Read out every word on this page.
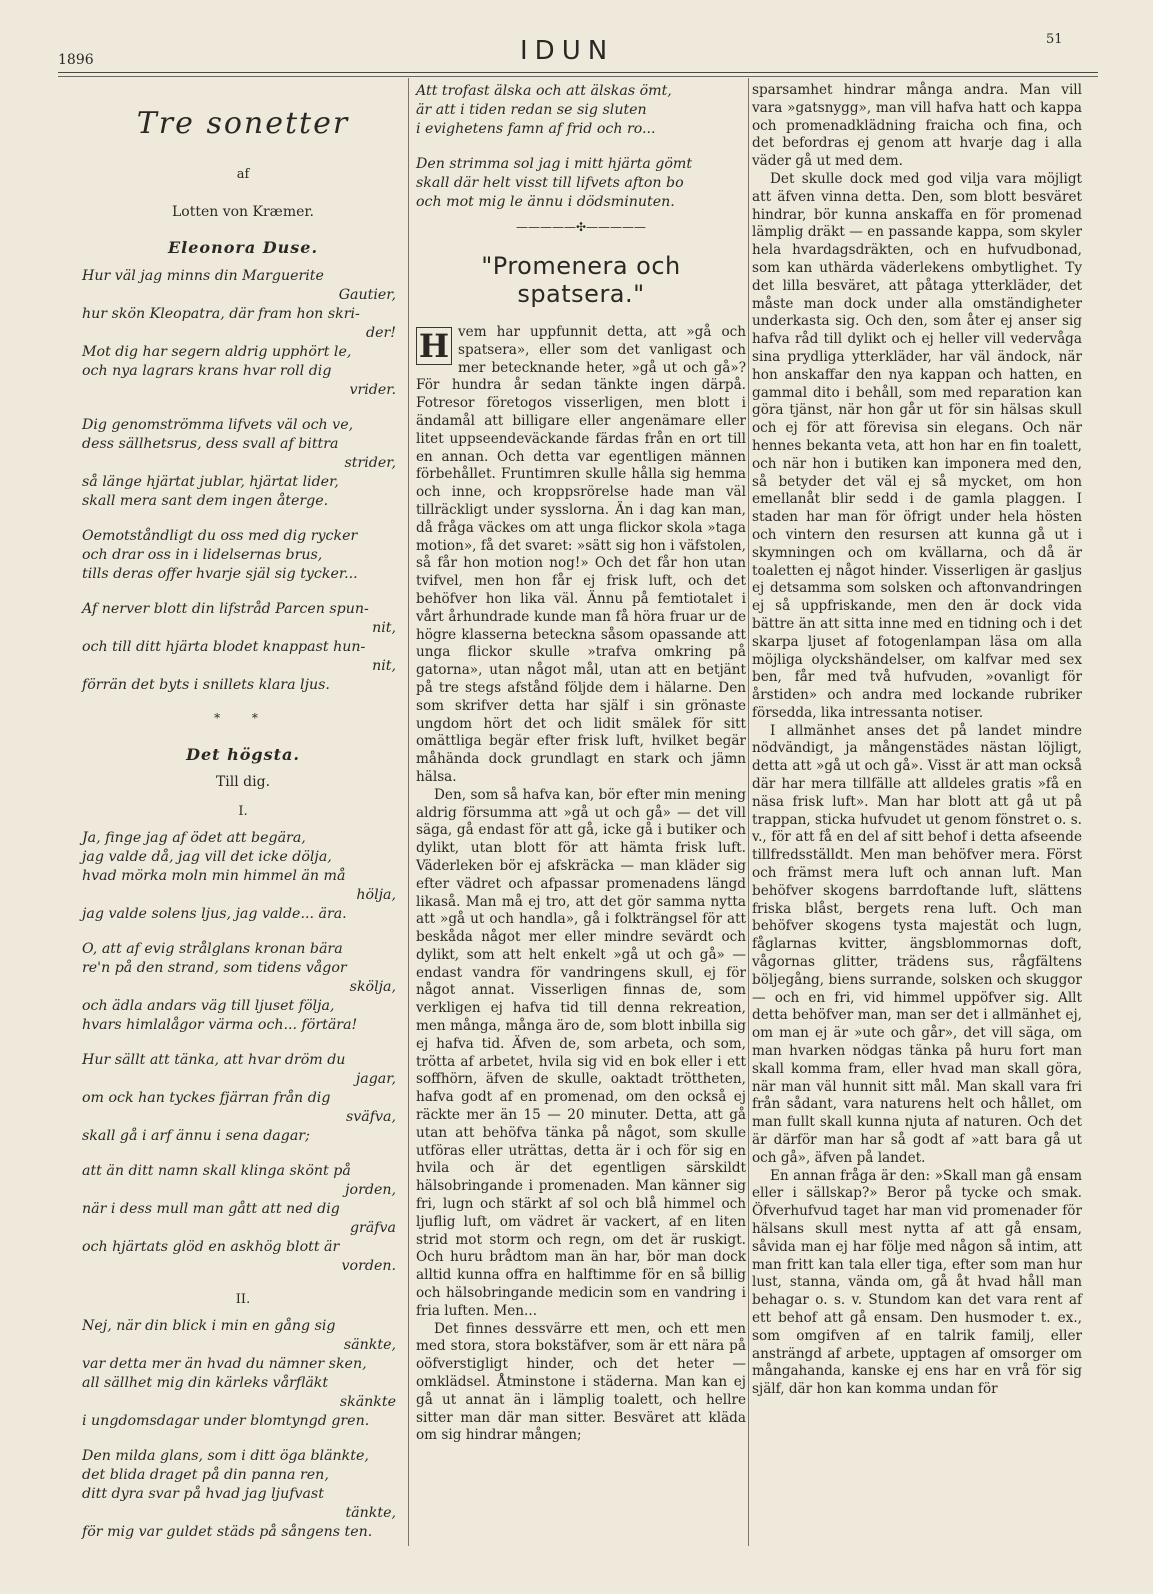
1896	IDUN	51
Tre sonetter
af
Lotten von Kræmer.
Eleonora Duse.
Hur väl jag minns din Marguerite
Gautier,
hur skön Kleopatra, där fram hon skri-
der!
Mot dig har segern aldrig upphört le,
och nya lagrars krans hvar roll dig
vrider.
Dig genomströmma lifvets väl och ve,
dess sällhetsrus, dess svall af bittra
strider,
så länge hjärtat jublar, hjärtat lider,
skall mera sant dem ingen återge.
Oemotståndligt du oss med dig rycker
och drar oss in i lidelsernas brus,
tills deras offer hvarje själ sig tycker...
Af nerver blott din lifstråd Parcen spun-
nit,
och till ditt hjärta blodet knappast hun-
nit,
förrän det byts i snillets klara ljus.
* *
Det högsta.
Till dig.
I.
Ja, finge jag af ödet att begära,
jag valde då, jag vill det icke dölja,
hvad mörka moln min himmel än må
hölja,
jag valde solens ljus, jag valde... ära.
O, att af evig strålglans kronan bära
re'n på den strand, som tidens vågor
skölja,
och ädla andars väg till ljuset följa,
hvars himlalågor värma och... förtära!
Hur sällt att tänka, att hvar dröm du
jagar,
om ock han tyckes fjärran från dig
sväfva,
skall gå i arf ännu i sena dagar;
att än ditt namn skall klinga skönt på
jorden,
när i dess mull man gått att ned dig
gräfva
och hjärtats glöd en askhög blott är
vorden.
II.
Nej, när din blick i min en gång sig
sänkte,
var detta mer än hvad du nämner sken,
all sällhet mig din kärleks vårfläkt
skänkte
i ungdomsdagar under blomtyngd gren.
Den milda glans, som i ditt öga blänkte,
det blida draget på din panna ren,
ditt dyra svar på hvad jag ljufvast
tänkte,
för mig var guldet städs på sångens ten.
Att trofast älska och att älskas ömt,
är att i tiden redan se sig sluten
i evighetens famn af frid och ro...
Den strimma sol jag i mitt hjärta gömt
skall där helt visst till lifvets afton bo
och mot mig le ännu i dödsminuten.
—————✣—————
"Promenera och spatsera."

H vem har uppfunnit detta, att »gå och spatsera», eller som det vanligast och mer betecknande heter, »gå ut och gå»? För hundra år sedan tänkte ingen därpå. Fotresor företogos visserligen, men blott i ändamål att billigare eller angenämare eller litet uppseendeväckande färdas från en ort till en annan. Och detta var egentligen männen förbehållet. Fruntimren skulle hålla sig hemma och inne, och kroppsrörelse hade man väl tillräckligt under sysslorna. Än i dag kan man, då fråga väckes om att unga flickor skola »taga motion», få det svaret: »sätt sig hon i väfstolen, så får hon motion nog!» Och det får hon utan tvifvel, men hon får ej frisk luft, och det behöfver hon lika väl. Ännu på femtiotalet i vårt århundrade kunde man få höra fruar ur de högre klasserna beteckna såsom opassande att unga flickor skulle »trafva omkring på gatorna», utan något mål, utan att en betjänt på tre stegs afstånd följde dem i hälarne. Den som skrifver detta har själf i sin grönaste ungdom hört det och lidit smälek för sitt omättliga begär efter frisk luft, hvilket begär måhända dock grundlagt en stark och jämn hälsa.

Den, som så hafva kan, bör efter min mening aldrig försumma att »gå ut och gå» — det vill säga, gå endast för att gå, icke gå i butiker och dylikt, utan blott för att hämta frisk luft. Väderleken bör ej afskräcka — man kläder sig efter vädret och afpassar promenadens längd likaså. Man må ej tro, att det gör samma nytta att »gå ut och handla», gå i folkträngsel för att beskåda något mer eller mindre sevärdt och dylikt, som att helt enkelt »gå ut och gå» — endast vandra för vandringens skull, ej för något annat. Visserligen finnas de, som verkligen ej hafva tid till denna rekreation, men många, många äro de, som blott inbilla sig ej hafva tid. Äfven de, som arbeta, och som, trötta af arbetet, hvila sig vid en bok eller i ett soffhörn, äfven de skulle, oaktadt tröttheten, hafva godt af en promenad, om den också ej räckte mer än 15 — 20 minuter. Detta, att gå utan att behöfva tänka på något, som skulle utföras eller uträttas, detta är i och för sig en hvila och är det egentligen särskildt hälsobringande i promenaden. Man känner sig fri, lugn och stärkt af sol och blå himmel och ljuflig luft, om vädret är vackert, af en liten strid mot storm och regn, om det är ruskigt. Och huru brådtom man än har, bör man dock alltid kunna offra en halftimme för en så billig och hälsobringande medicin som en vandring i fria luften. Men...

Det finnes dessvärre ett men, och ett men med stora, stora bokstäfver, som är ett nära på oöfverstigligt hinder, och det heter — omklädsel. Åtminstone i städerna. Man kan ej gå ut annat än i lämplig toalett, och hellre sitter man där man sitter. Besväret att kläda om sig hindrar mången;

sparsamhet hindrar många andra. Man vill vara »gatsnygg», man vill hafva hatt och kappa och promenadklädning fraicha och fina, och det befordras ej genom att hvarje dag i alla väder gå ut med dem.

Det skulle dock med god vilja vara möjligt att äfven vinna detta. Den, som blott besväret hindrar, bör kunna anskaffa en för promenad lämplig dräkt — en passande kappa, som skyler hela hvardagsdräkten, och en hufvudbonad, som kan uthärda väderlekens ombytlighet. Ty det lilla besväret, att påtaga ytterkläder, det måste man dock under alla omständigheter underkasta sig. Och den, som åter ej anser sig hafva råd till dylikt och ej heller vill vedervåga sina prydliga ytterkläder, har väl ändock, när hon anskaffar den nya kappan och hatten, en gammal dito i behåll, som med reparation kan göra tjänst, när hon går ut för sin hälsas skull och ej för att förevisa sin elegans. Och när hennes bekanta veta, att hon har en fin toalett, och när hon i butiken kan imponera med den, så betyder det väl ej så mycket, om hon emellanåt blir sedd i de gamla plaggen. I staden har man för öfrigt under hela hösten och vintern den resursen att kunna gå ut i skymningen och om kvällarna, och då är toaletten ej något hinder. Visserligen är gasljus ej detsamma som solsken och aftonvandringen ej så uppfriskande, men den är dock vida bättre än att sitta inne med en tidning och i det skarpa ljuset af fotogenlampan läsa om alla möjliga olyckshändelser, om kalfvar med sex ben, får med två hufvuden, »ovanligt för årstiden» och andra med lockande rubriker försedda, lika intressanta notiser.

I allmänhet anses det på landet mindre nödvändigt, ja mångenstädes nästan löjligt, detta att »gå ut och gå». Visst är att man också där har mera tillfälle att alldeles gratis »få en näsa frisk luft». Man har blott att gå ut på trappan, sticka hufvudet ut genom fönstret o. s. v., för att få en del af sitt behof i detta afseende tillfredsställdt. Men man behöfver mera. Först och främst mera luft och annan luft. Man behöfver skogens barrdoftande luft, slättens friska blåst, bergets rena luft. Och man behöfver skogens tysta majestät och lugn, fåglarnas kvitter, ängsblommornas doft, vågornas glitter, trädens sus, rågfältens böljegång, biens surrande, solsken och skuggor — och en fri, vid himmel uppöfver sig. Allt detta behöfver man, man ser det i allmänhet ej, om man ej är »ute och går», det vill säga, om man hvarken nödgas tänka på huru fort man skall komma fram, eller hvad man skall göra, när man väl hunnit sitt mål. Man skall vara fri från sådant, vara naturens helt och hållet, om man fullt skall kunna njuta af naturen. Och det är därför man har så godt af »att bara gå ut och gå», äfven på landet.

En annan fråga är den: »Skall man gå ensam eller i sällskap?» Beror på tycke och smak. Öfverhufvud taget har man vid promenader för hälsans skull mest nytta af att gå ensam, såvida man ej har följe med någon så intim, att man fritt kan tala eller tiga, efter som man hur lust, stanna, vända om, gå åt hvad håll man behagar o. s. v. Stundom kan det vara rent af ett behof att gå ensam. Den husmoder t. ex., som omgifven af en talrik familj, eller ansträngd af arbete, upptagen af omsorger om mångahanda, kanske ej ens har en vrå för sig själf, där hon kan komma undan för
